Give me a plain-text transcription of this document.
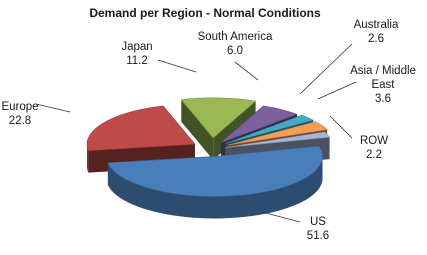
Demand per Region - Normal Conditions
US 51.6
Europe 22.8
Japan 11.2
South America 6.0
Australia 2.6
Asia / Middle East 3.6
ROW 2.2
